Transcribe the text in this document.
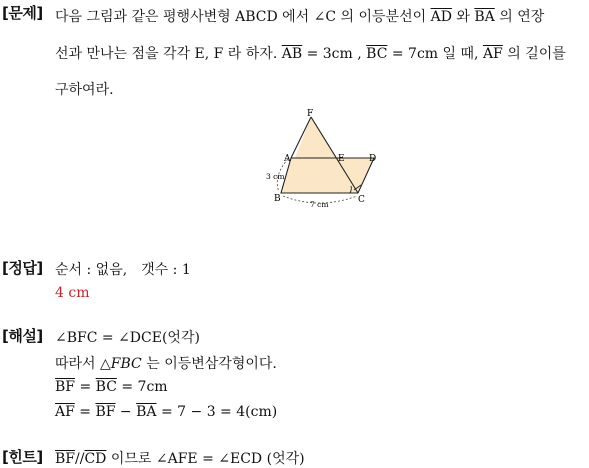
[문제] 다음 그림과 같은 평행사변형 ABCD 에서 ∠C 의 이등분선이 $\overline{AD}$ 와 $\overline{BA}$ 의 연장
선과 만나는 점을 각각 E, F 라 하자. $\overline{AB} = 3cm$ , $\overline{BC} = 7cm$ 일 때, $\overline{AF}$ 의 길이를
구하여라.
F
A	E	D
B	C
3 cm
7 cm
[정답] 순서 : 없음,　갯수 : 1
4 cm
[해설] ∠BFC = ∠DCE(엇각)
따라서 △FBC 는 이등변삼각형이다.
$\overline{BF} = \overline{BC} = 7cm$
$\overline{AF} = \overline{BF} - \overline{BA} = 7 - 3 = 4(cm)$
[힌트] $\overline{BF}//\overline{CD}$ 이므로 ∠AFE = ∠ECD (엇각)
